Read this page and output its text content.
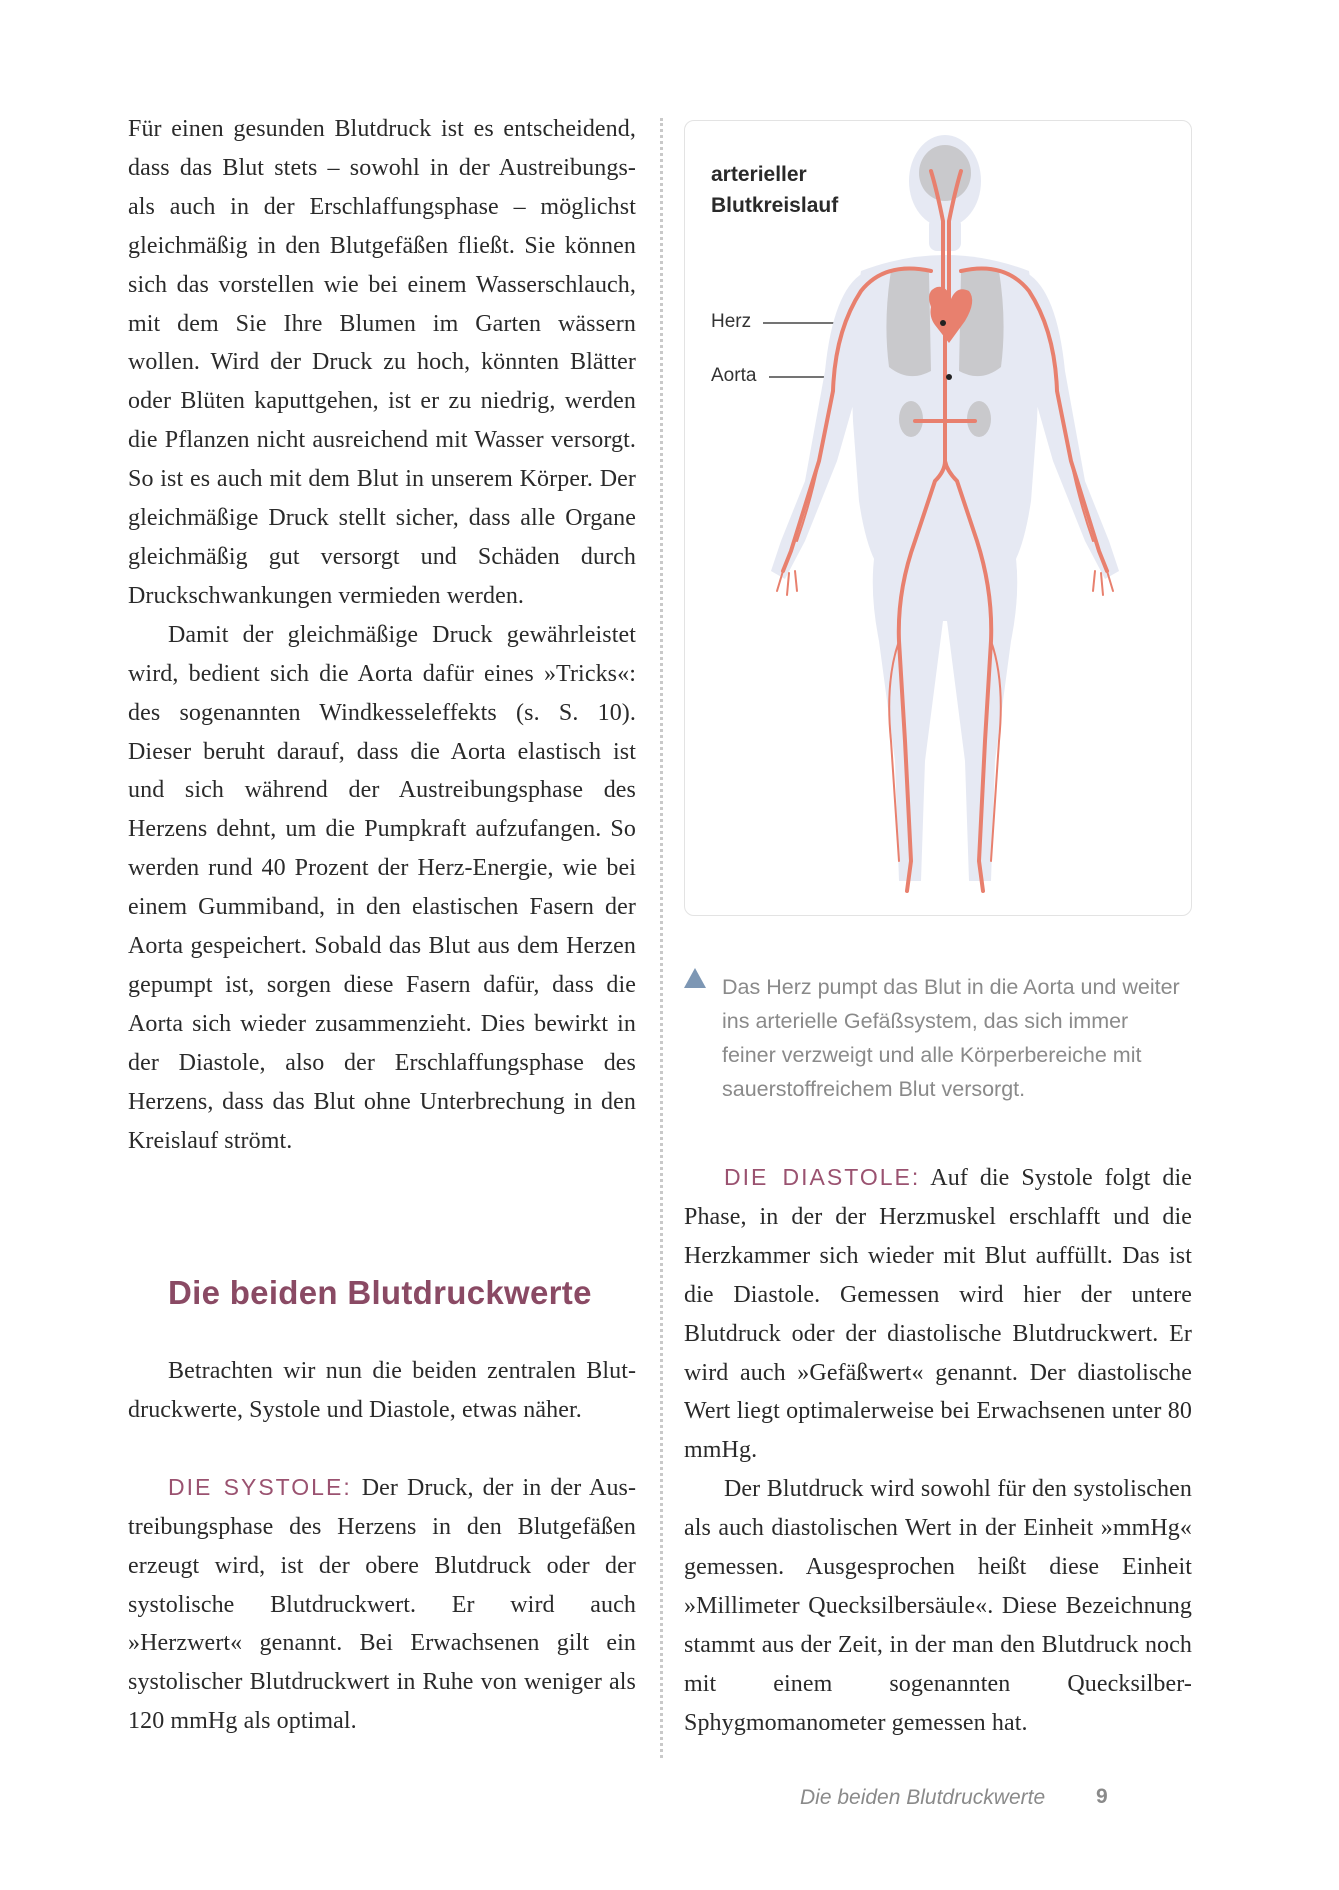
Für einen gesunden Blutdruck ist es entscheidend, dass das Blut stets – sowohl in der Austreibungs- als auch in der Erschlaffungsphase – möglichst gleichmäßig in den Blutgefäßen fließt. Sie können sich das vorstellen wie bei einem Wasserschlauch, mit dem Sie Ihre Blumen im Garten wässern wollen. Wird der Druck zu hoch, könnten Blätter oder Blüten kaputtgehen, ist er zu niedrig, werden die Pflanzen nicht ausreichend mit Wasser versorgt. So ist es auch mit dem Blut in unserem Körper. Der gleichmäßige Druck stellt sicher, dass alle Organe gleichmäßig gut versorgt und Schäden durch Druckschwankungen vermieden werden.

Damit der gleichmäßige Druck gewährleistet wird, bedient sich die Aorta dafür eines »Tricks«: des sogenannten Windkesseleffekts (s. S. 10). Dieser beruht darauf, dass die Aorta elastisch ist und sich während der Austreibungsphase des Herzens dehnt, um die Pumpkraft aufzufangen. So werden rund 40 Prozent der Herz-Energie, wie bei einem Gummiband, in den elastischen Fasern der Aorta gespeichert. Sobald das Blut aus dem Herzen gepumpt ist, sorgen diese Fasern dafür, dass die Aorta sich wieder zusammenzieht. Dies bewirkt in der Diastole, also der Erschlaffungsphase des Herzens, dass das Blut ohne Unterbrechung in den Kreislauf strömt.

Die beiden Blutdruckwerte

Betrachten wir nun die beiden zentralen Blutdruckwerte, Systole und Diastole, etwas näher.

DIE SYSTOLE: Der Druck, der in der Austreibungsphase des Herzens in den Blutgefäßen erzeugt wird, ist der obere Blutdruck oder der systolische Blutdruckwert. Er wird auch »Herzwert« genannt. Bei Erwachsenen gilt ein systolischer Blutdruckwert in Ruhe von weniger als 120 mmHg als optimal.

arterieller Blutkreislauf
Herz
Aorta

Das Herz pumpt das Blut in die Aorta und weiter ins arterielle Gefäßsystem, das sich immer feiner verzweigt und alle Körperbereiche mit sauerstoffreichem Blut versorgt.

DIE DIASTOLE: Auf die Systole folgt die Phase, in der der Herzmuskel erschlafft und die Herzkammer sich wieder mit Blut auffüllt. Das ist die Diastole. Gemessen wird hier der untere Blutdruck oder der diastolische Blutdruckwert. Er wird auch »Gefäßwert« genannt. Der diastolische Wert liegt optimalerweise bei Erwachsenen unter 80 mmHg.

Der Blutdruck wird sowohl für den systolischen als auch diastolischen Wert in der Einheit »mmHg« gemessen. Ausgesprochen heißt diese Einheit »Millimeter Quecksilbersäule«. Diese Bezeichnung stammt aus der Zeit, in der man den Blutdruck noch mit einem sogenannten Quecksilber-Sphygmomanometer gemessen hat.

Die beiden Blutdruckwerte 9
